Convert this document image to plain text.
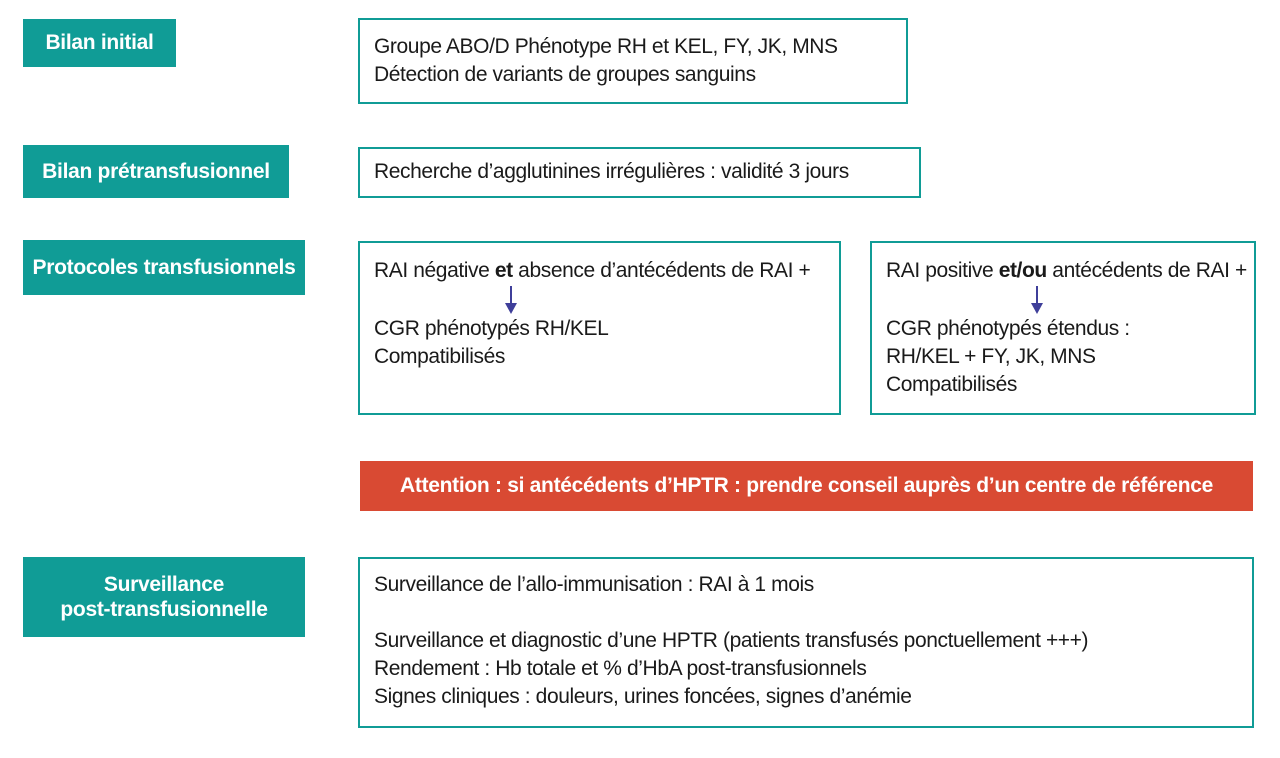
Bilan initial	Groupe ABO/D Phénotype RH et KEL, FY, JK, MNS
Détection de variants de groupes sanguins
Bilan prétransfusionnel	Recherche d’agglutinines irrégulières : validité 3 jours
Protocoles transfusionnels	RAI négative et absence d’antécédents de RAI +
CGR phénotypés RH/KEL
Compatibilisés
RAI positive et/ou antécédents de RAI +
CGR phénotypés étendus :
RH/KEL + FY, JK, MNS
Compatibilisés
Attention : si antécédents d’HPTR : prendre conseil auprès d’un centre de référence
Surveillance
post-transfusionnelle
Surveillance de l’allo-immunisation : RAI à 1 mois
Surveillance et diagnostic d’une HPTR (patients transfusés ponctuellement +++)
Rendement : Hb totale et % d’HbA post-transfusionnels
Signes cliniques : douleurs, urines foncées, signes d’anémie
